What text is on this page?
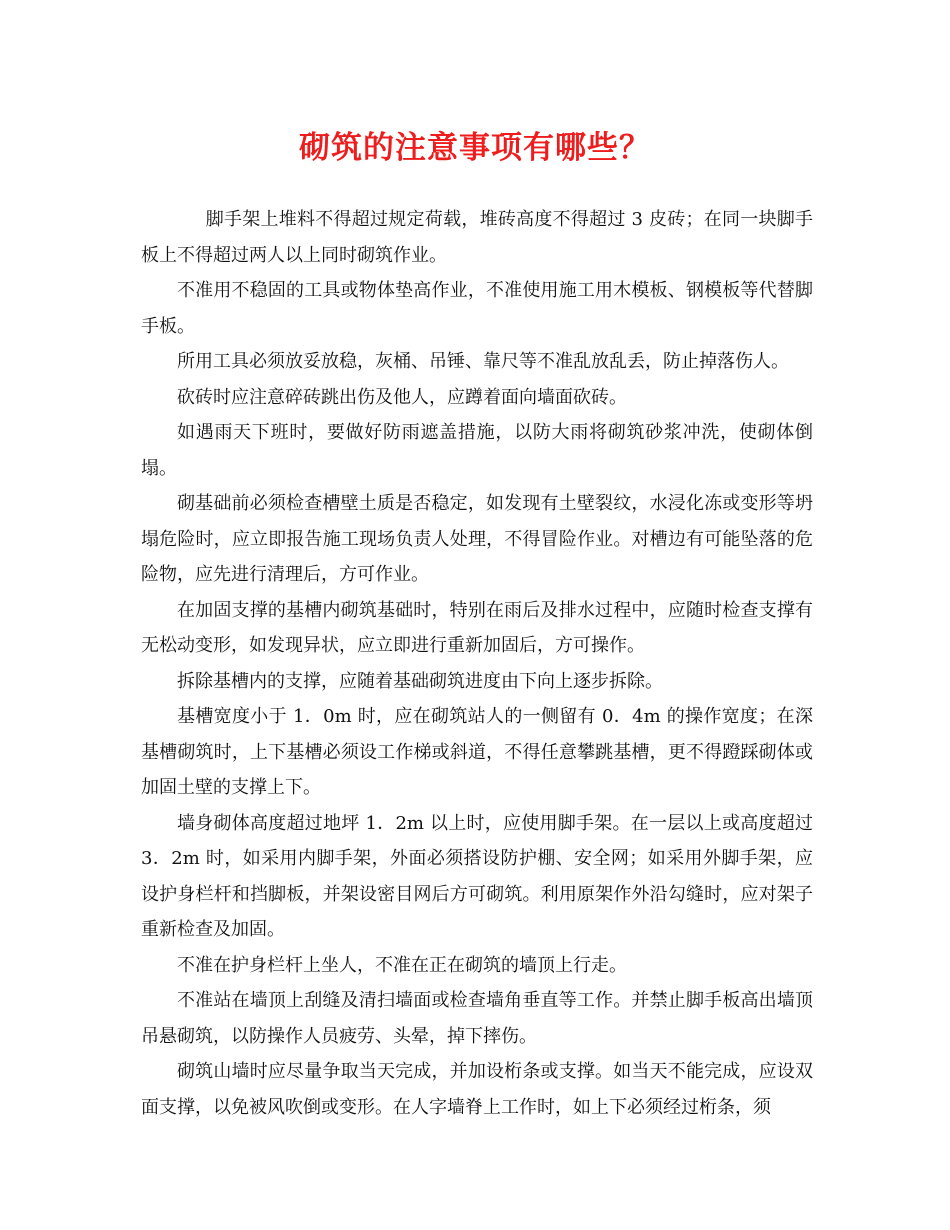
砌筑的注意事项有哪些？

脚手架上堆料不得超过规定荷载，堆砖高度不得超过 3 皮砖；在同一块脚手板上不得超过两人以上同时砌筑作业。

不准用不稳固的工具或物体垫高作业，不准使用施工用木模板、钢模板等代替脚手板。

所用工具必须放妥放稳，灰桶、吊锤、靠尺等不准乱放乱丢，防止掉落伤人。

砍砖时应注意碎砖跳出伤及他人，应蹲着面向墙面砍砖。

如遇雨天下班时，要做好防雨遮盖措施，以防大雨将砌筑砂浆冲洗，使砌体倒塌。

砌基础前必须检查槽壁土质是否稳定，如发现有土壁裂纹，水浸化冻或变形等坍塌危险时，应立即报告施工现场负责人处理，不得冒险作业。对槽边有可能坠落的危险物，应先进行清理后，方可作业。

在加固支撑的基槽内砌筑基础时，特别在雨后及排水过程中，应随时检查支撑有无松动变形，如发现异状，应立即进行重新加固后，方可操作。

拆除基槽内的支撑，应随着基础砌筑进度由下向上逐步拆除。

基槽宽度小于 1．0m 时，应在砌筑站人的一侧留有 0．4m 的操作宽度；在深基槽砌筑时，上下基槽必须设工作梯或斜道，不得任意攀跳基槽，更不得蹬踩砌体或加固土壁的支撑上下。

墙身砌体高度超过地坪 1．2m 以上时，应使用脚手架。在一层以上或高度超过 3．2m 时，如采用内脚手架，外面必须搭设防护棚、安全网；如采用外脚手架，应设护身栏杆和挡脚板，并架设密目网后方可砌筑。利用原架作外沿勾缝时，应对架子重新检查及加固。

不准在护身栏杆上坐人，不准在正在砌筑的墙顶上行走。

不准站在墙顶上刮缝及清扫墙面或检查墙角垂直等工作。并禁止脚手板高出墙顶吊悬砌筑，以防操作人员疲劳、头晕，掉下摔伤。

砌筑山墙时应尽量争取当天完成，并加设桁条或支撑。如当天不能完成，应设双面支撑，以免被风吹倒或变形。在人字墙脊上工作时，如上下必须经过桁条，须
